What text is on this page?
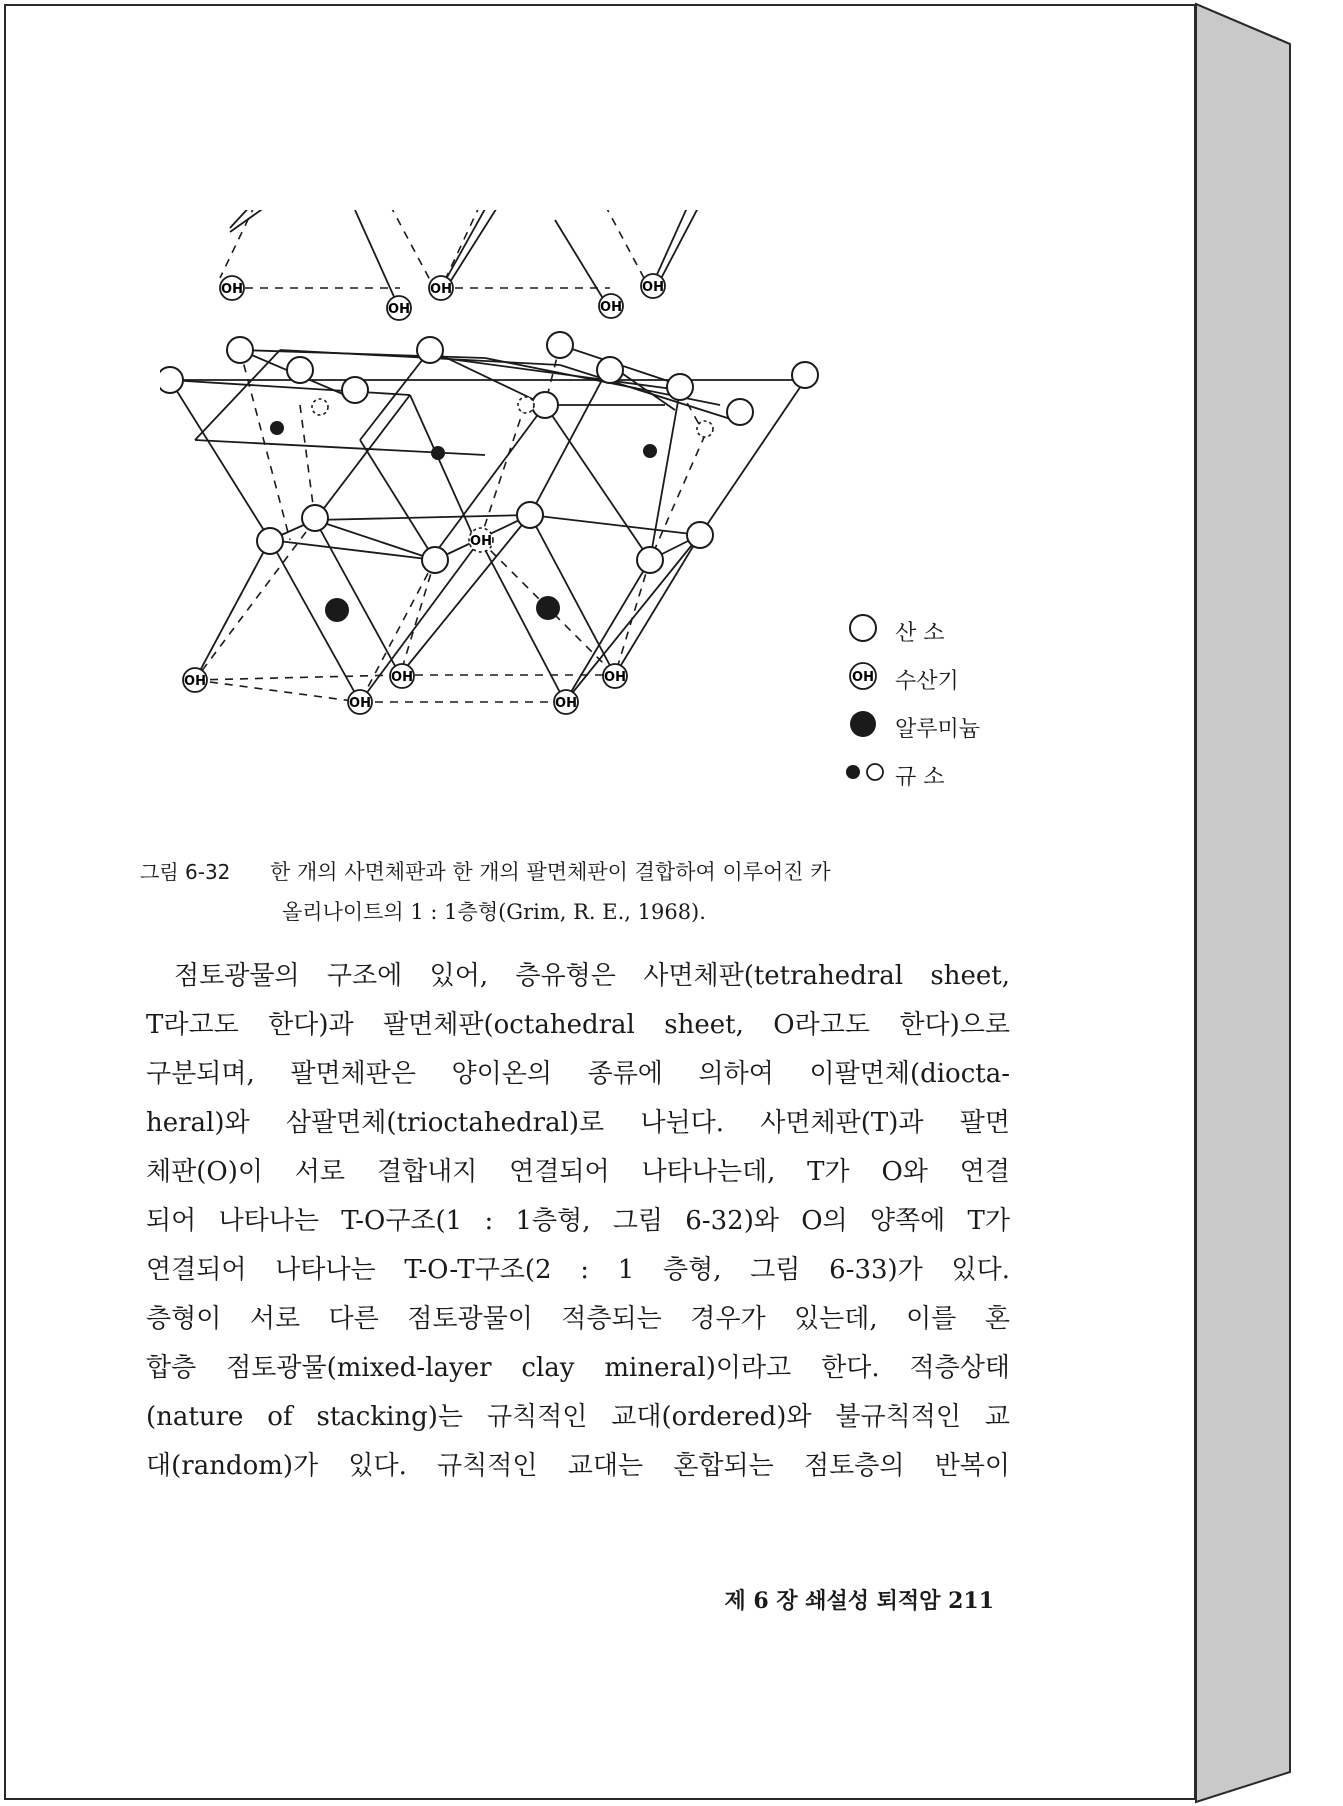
OH
OH
OH
OH
OH
OH
OH
OH
OH
OH
OH
산 소
OH 수산기
알루미늄
규 소
그림 6-32 한 개의 사면체판과 한 개의 팔면체판이 결합하여 이루어진 카
올리나이트의 1 : 1층형(Grim, R. E., 1968).
점토광물의 구조에 있어, 층유형은 사면체판(tetrahedral sheet,
T라고도 한다)과 팔면체판(octahedral sheet, O라고도 한다)으로
구분되며, 팔면체판은 양이온의 종류에 의하여 이팔면체(diocta-
heral)와 삼팔면체(trioctahedral)로 나뉜다. 사면체판(T)과 팔면
체판(O)이 서로 결합내지 연결되어 나타나는데, T가 O와 연결
되어 나타나는 T-O구조(1 : 1층형, 그림 6-32)와 O의 양쪽에 T가
연결되어 나타나는 T-O-T구조(2 : 1 층형, 그림 6-33)가 있다.
층형이 서로 다른 점토광물이 적층되는 경우가 있는데, 이를 혼
합층 점토광물(mixed-layer clay mineral)이라고 한다. 적층상태
(nature of stacking)는 규칙적인 교대(ordered)와 불규칙적인 교
대(random)가 있다. 규칙적인 교대는 혼합되는 점토층의 반복이
제 6 장 쇄설성 퇴적암 211
